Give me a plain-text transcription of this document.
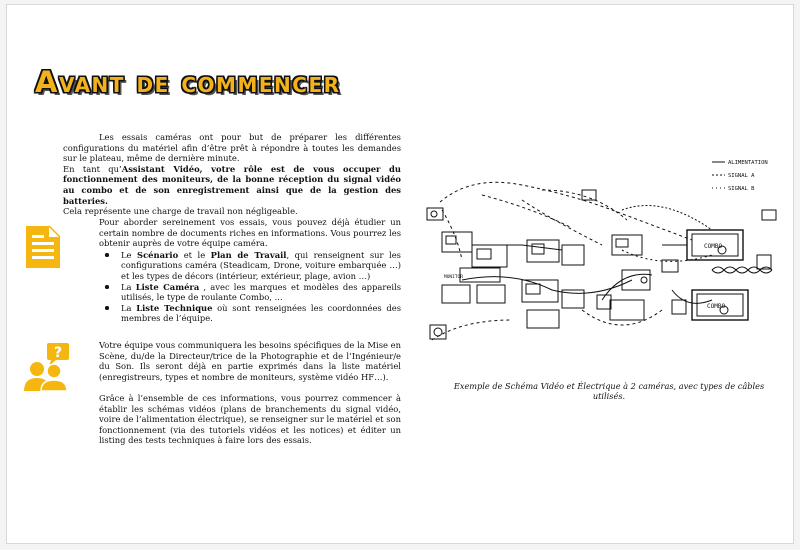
Avant de commencer
Les essais caméras ont pour but de préparer les différentes configurations du matériel afin d’être prêt à répondre à toutes les demandes sur le plateau, même de dernière minute.
En tant qu’Assistant Vidéo, votre rôle est de vous occuper du fonctionnement des moniteurs, de la bonne réception du signal vidéo au combo et de son enregistrement ainsi que de la gestion des batteries.
Cela représente une charge de travail non négligeable.
Pour aborder sereinement vos essais, vous pouvez déjà étudier un certain nombre de documents riches en informations. Vous pourrez les obtenir auprès de votre équipe caméra.
Le Scénario et le Plan de Travail, qui renseignent sur les configurations caméra (Steadicam, Drone, voiture embarquée …) et les types de décors (intérieur, extérieur, plage, avion …)
La Liste Caméra , avec les marques et modèles des appareils utilisés, le type de roulante Combo, ...
La Liste Technique où sont renseignées les coordonnées des membres de l’équipe.
?	Votre équipe vous communiquera les besoins spécifiques de la Mise en Scène, du/de la Directeur/trice de la Photographie et de l’Ingénieur/e du Son. Ils seront déjà en partie exprimés dans la liste matériel (enregistreurs, types et nombre de moniteurs, système vidéo HF…).
Grâce à l’ensemble de ces informations, vous pourrez commencer à établir les schémas vidéos (plans de branchements du signal vidéo, voire de l’alimentation électrique), se renseigner sur le matériel et son fonctionnement (via des tutoriels vidéos et les notices) et éditer un listing des tests techniques à faire lors des essais.
ALIMENTATION
SIGNAL A
SIGNAL B
COMBO
COMBO
MONITOR
Exemple de Schéma Vidéo et Électrique à 2 caméras, avec types de câbles utilisés.
